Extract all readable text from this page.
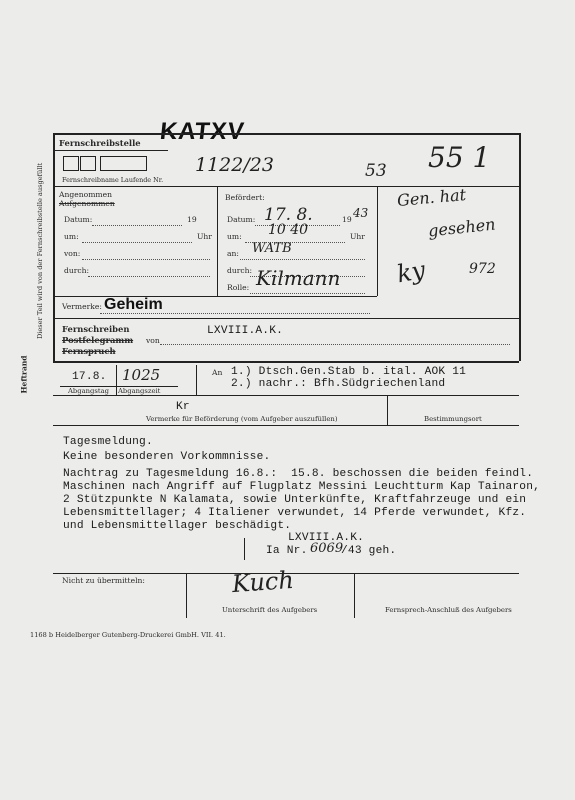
KATXV
Dieser Teil wird von der Fernschreibstelle ausgefüllt
Heftrand
Fernschreibstelle
Fernschreibname Laufende Nr.
1122/23	53 55 1
Angenommen
Aufgenommen
Datum:	19
um:	Uhr
von:
durch:
Befördert:
Datum: 17. 8.	19 43
um: 10 40	Uhr
an: WATB
durch:
Rolle: Kilmann
Gen. hat
gesehen
ky	972
Vermerke: Geheim
Fernschreiben
Postfelegramm von
Fernspruch
LXVIII.A.K.
17.8. 1025
Abgangstag Abgangszeit
An 1.) Dtsch.Gen.Stab b. ital. AOK 11
2.) nachr.: Bfh.Südgriechenland
Kr
Vermerke für Beförderung (vom Aufgeber auszufüllen)	Bestimmungsort
Tagesmeldung.
Keine besonderen Vorkommnisse.
Nachtrag zu Tagesmeldung 16.8.:  15.8. beschossen die beiden feindl.
Maschinen nach Angriff auf Flugplatz Messini Leuchtturm Kap Tainaron,
2 Stützpunkte N Kalamata, sowie Unterkünfte, Kraftfahrzeuge und ein
Lebensmittellager; 4 Italiener verwundet, 14 Pferde verwundet, Kfz.
und Lebensmittellager beschädigt.
LXVIII.A.K.
Ia Nr. 6069
/43 geh.
Nicht zu übermitteln:	Kuch
Unterschrift des Aufgebers	Fernsprech-Anschluß des Aufgebers
1168 b Heidelberger Gutenberg-Druckerei GmbH. VII. 41.
